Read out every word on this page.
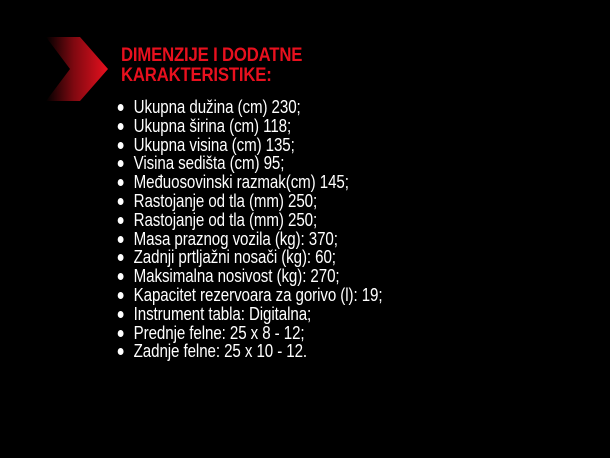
DIMENZIJE I DODATNE
KARAKTERISTIKE:
Ukupna dužina (cm) 230;
Ukupna širina (cm) 118;
Ukupna visina (cm) 135;
Visina sedišta (cm) 95;
Međuosovinski razmak(cm) 145;
Rastojanje od tla (mm) 250;
Rastojanje od tla (mm) 250;
Masa praznog vozila (kg): 370;
Zadnji prtljažni nosači (kg): 60;
Maksimalna nosivost (kg): 270;
Kapacitet rezervoara za gorivo (l): 19;
Instrument tabla: Digitalna;
Prednje felne: 25 x 8 - 12;
Zadnje felne: 25 x 10 - 12.
